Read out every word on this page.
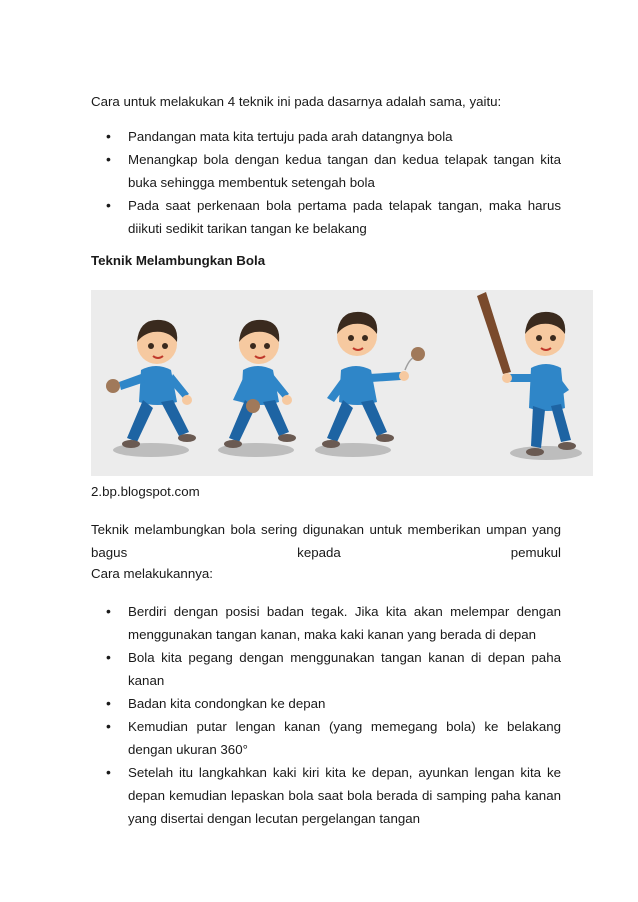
Cara untuk melakukan 4 teknik ini pada dasarnya adalah sama, yaitu:

• Pandangan mata kita tertuju pada arah datangnya bola
• Menangkap bola dengan kedua tangan dan kedua telapak tangan kita buka sehingga membentuk setengah bola
• Pada saat perkenaan bola pertama pada telapak tangan, maka harus diikuti sedikit tarikan tangan ke belakang

Teknik Melambungkan Bola

2.bp.blogspot.com

Teknik melambungkan bola sering digunakan untuk memberikan umpan yang

bagus	kepada	pemukul

Cara melakukannya:

• Berdiri dengan posisi badan tegak. Jika kita akan melempar dengan menggunakan tangan kanan, maka kaki kanan yang berada di depan
• Bola kita pegang dengan menggunakan tangan kanan di depan paha kanan
• Badan kita condongkan ke depan
• Kemudian putar lengan kanan (yang memegang bola) ke belakang dengan ukuran 360°
• Setelah itu langkahkan kaki kiri kita ke depan, ayunkan lengan kita ke depan kemudian lepaskan bola saat bola berada di samping paha kanan yang disertai dengan lecutan pergelangan tangan
